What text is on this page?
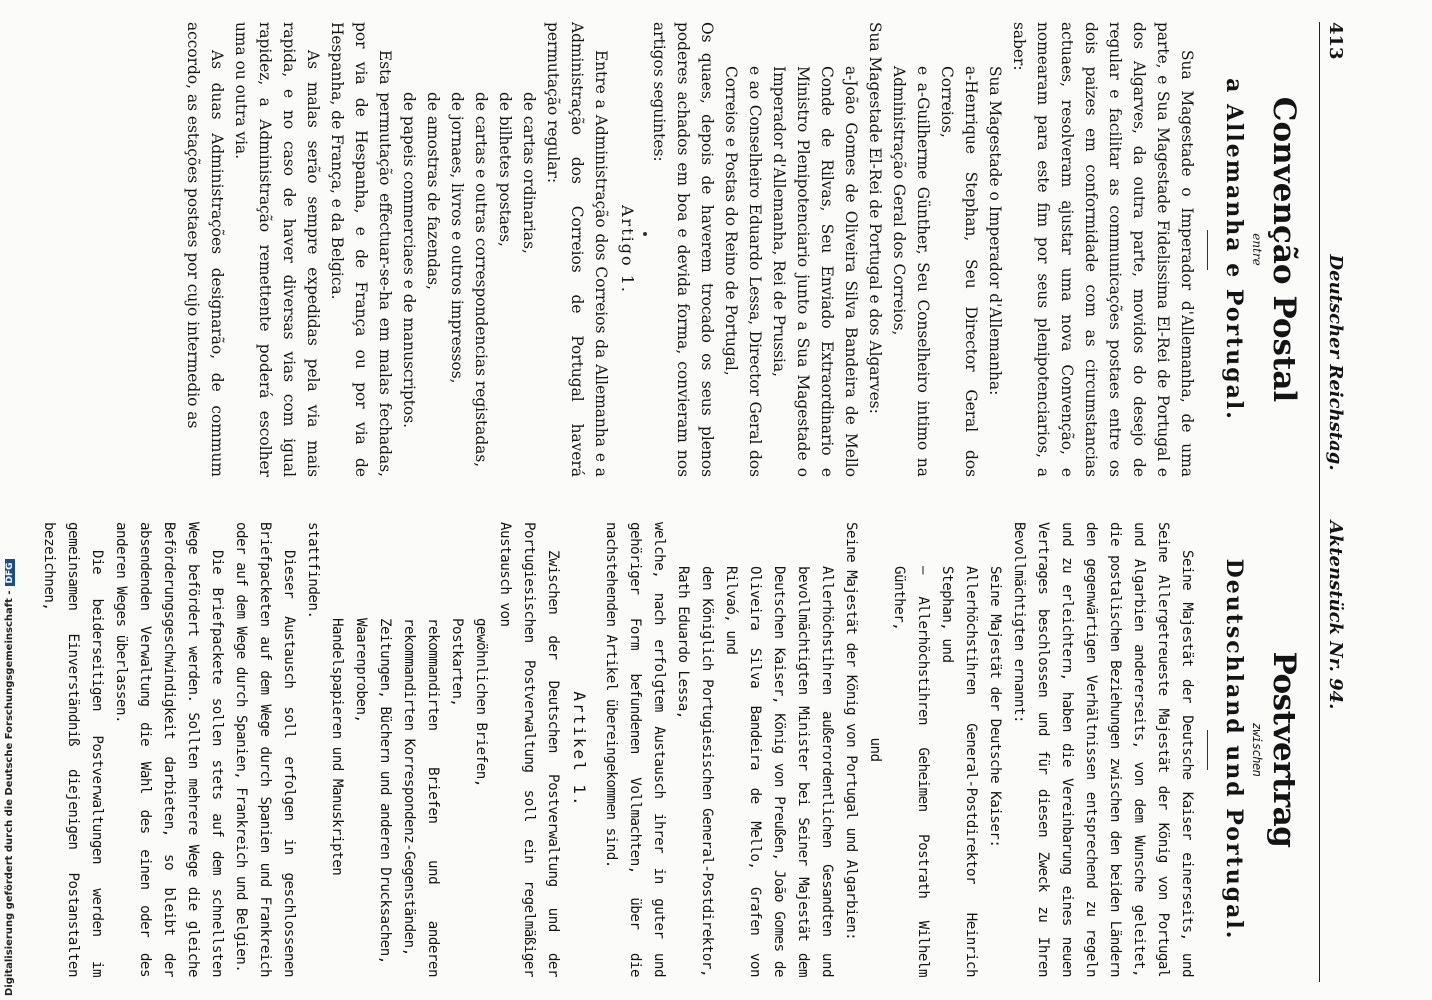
413
Deutscher Reichstag.        Aktenstück Nr. 94.
Convenção Postal
entre
a Allemanha e Portugal.

Sua Magestade o Imperador d'Allemanha, de uma parte, e Sua Magestade Fidelissima El-Rei de Portugal e dos Algarves, da outra parte, movidos do desejo de regular e facilitar as communicações postaes entre os dois paizes em conformidade com as circumstancias actuaes, resolveram ajustar uma nova Convenção, e nomearam para este fim por seus plenipotenciarios, a saber:

Sua Magestade o Imperador d'Allemanha:

a-Henrique Stephan, Seu Director Geral dos Correios,

e a-Guilherme Günther, Seu Conselheiro intimo na Administração Geral dos Correios,

Sua Magestade El-Rei de Portugal e dos Algarves:

a-João Gomes de Oliveira Silva Bandeira de Mello Conde de Rilvas, Seu Enviado Extraordinario e Ministro Plenipotenciario junto a Sua Magestade o Imperador d'Allemanha, Rei de Prussia,

e ao Conselheiro Eduardo Lessa, Director Geral dos Correios e Postas do Reino de Portugal,

Os quaes, depois de haverem trocado os seus plenos poderes achados em boa e devida forma, convieram nos artigos seguintes:

Artigo 1.

Entre a Administração dos Correios da Allemanha e a Administração dos Correios de Portugal haverá permutação regular:

de cartas ordinarias,

de bilhetes postaes,

de cartas e outras correspondencias registadas,

de jornaes, livros e outros impressos,

de amostras de fazendas,

de papeis commerciaes e de manuscriptos.

Esta permutação effectuar-se-ha em malas fechadas, por via de Hespanha, e de França ou por via de Hespanha, de França, e da Belgica.

As malas serão sempre expedidas pela via mais rapida, e no caso de haver diversas vias com igual rapidez, a Administração remettente poderá escolher uma ou outra via.

As duas Administrações designarão, de commum accordo, as estações postaes por cujo intermedio as

Postvertrag
zwischen
Deutschland und Portugal.

Seine Majestät der Deutsche Kaiser einerseits, und Seine Allergetreueste Majestät der König von Portugal und Algarbien andererseits, von dem Wunsche geleitet, die postalischen Beziehungen zwischen den beiden Ländern den gegenwärtigen Verhältnissen entsprechend zu regeln und zu erleichtern, haben die Vereinbarung eines neuen Vertrages beschlossen und für diesen Zweck zu Ihren Bevollmächtigten ernannt:

Seine Majestät der Deutsche Kaiser:

Allerhöchstihren General-Postdirektor Heinrich Stephan, und

— Allerhöchstihren Geheimen Postrath Wilhelm Günther,

und

Seine Majestät der König von Portugal und Algarbien:

Allerhöchstihren außerordentlichen Gesandten und bevollmächtigten Minister bei Seiner Majestät dem Deutschen Kaiser, König von Preußen, João Gomes de Oliveira Silva Bandeira de Mello, Grafen von Rilvaó, und

den Königlich Portugiesischen General-Postdirektor, Rath Eduardo Lessa,

welche, nach erfolgtem Austausch ihrer in guter und gehöriger Form befundenen Vollmachten, über die nachstehenden Artikel übereingekommen sind.

Artikel 1.

Zwischen der Deutschen Postverwaltung und der Portugiesischen Postverwaltung soll ein regelmäßiger Austausch von

gewöhnlichen Briefen,

Postkarten,

rekommandirten Briefen und anderen rekommandirten Korrespondenz-Gegenständen,

Zeitungen, Büchern und anderen Drucksachen,

Waarenproben,

Handelspapieren und Manuskripten

stattfinden.

Dieser Austausch soll erfolgen in geschlossenen Briefpacketen auf dem Wege durch Spanien und Frankreich oder auf dem Wege durch Spanien, Frankreich und Belgien.

Die Briefpackete sollen stets auf dem schnellsten Wege befördert werden. Sollten mehrere Wege die gleiche Beförderungsgeschwindigkeit darbieten, so bleibt der absendenden Verwaltung die Wahl des einen oder des anderen Weges überlassen.

Die beiderseitigen Postverwaltungen werden im gemeinsamen Einverständniß diejenigen Postanstalten bezeichnen,

Digitalisierung gefördert durch die Deutsche Forschungsgemeinschaft -DFG
